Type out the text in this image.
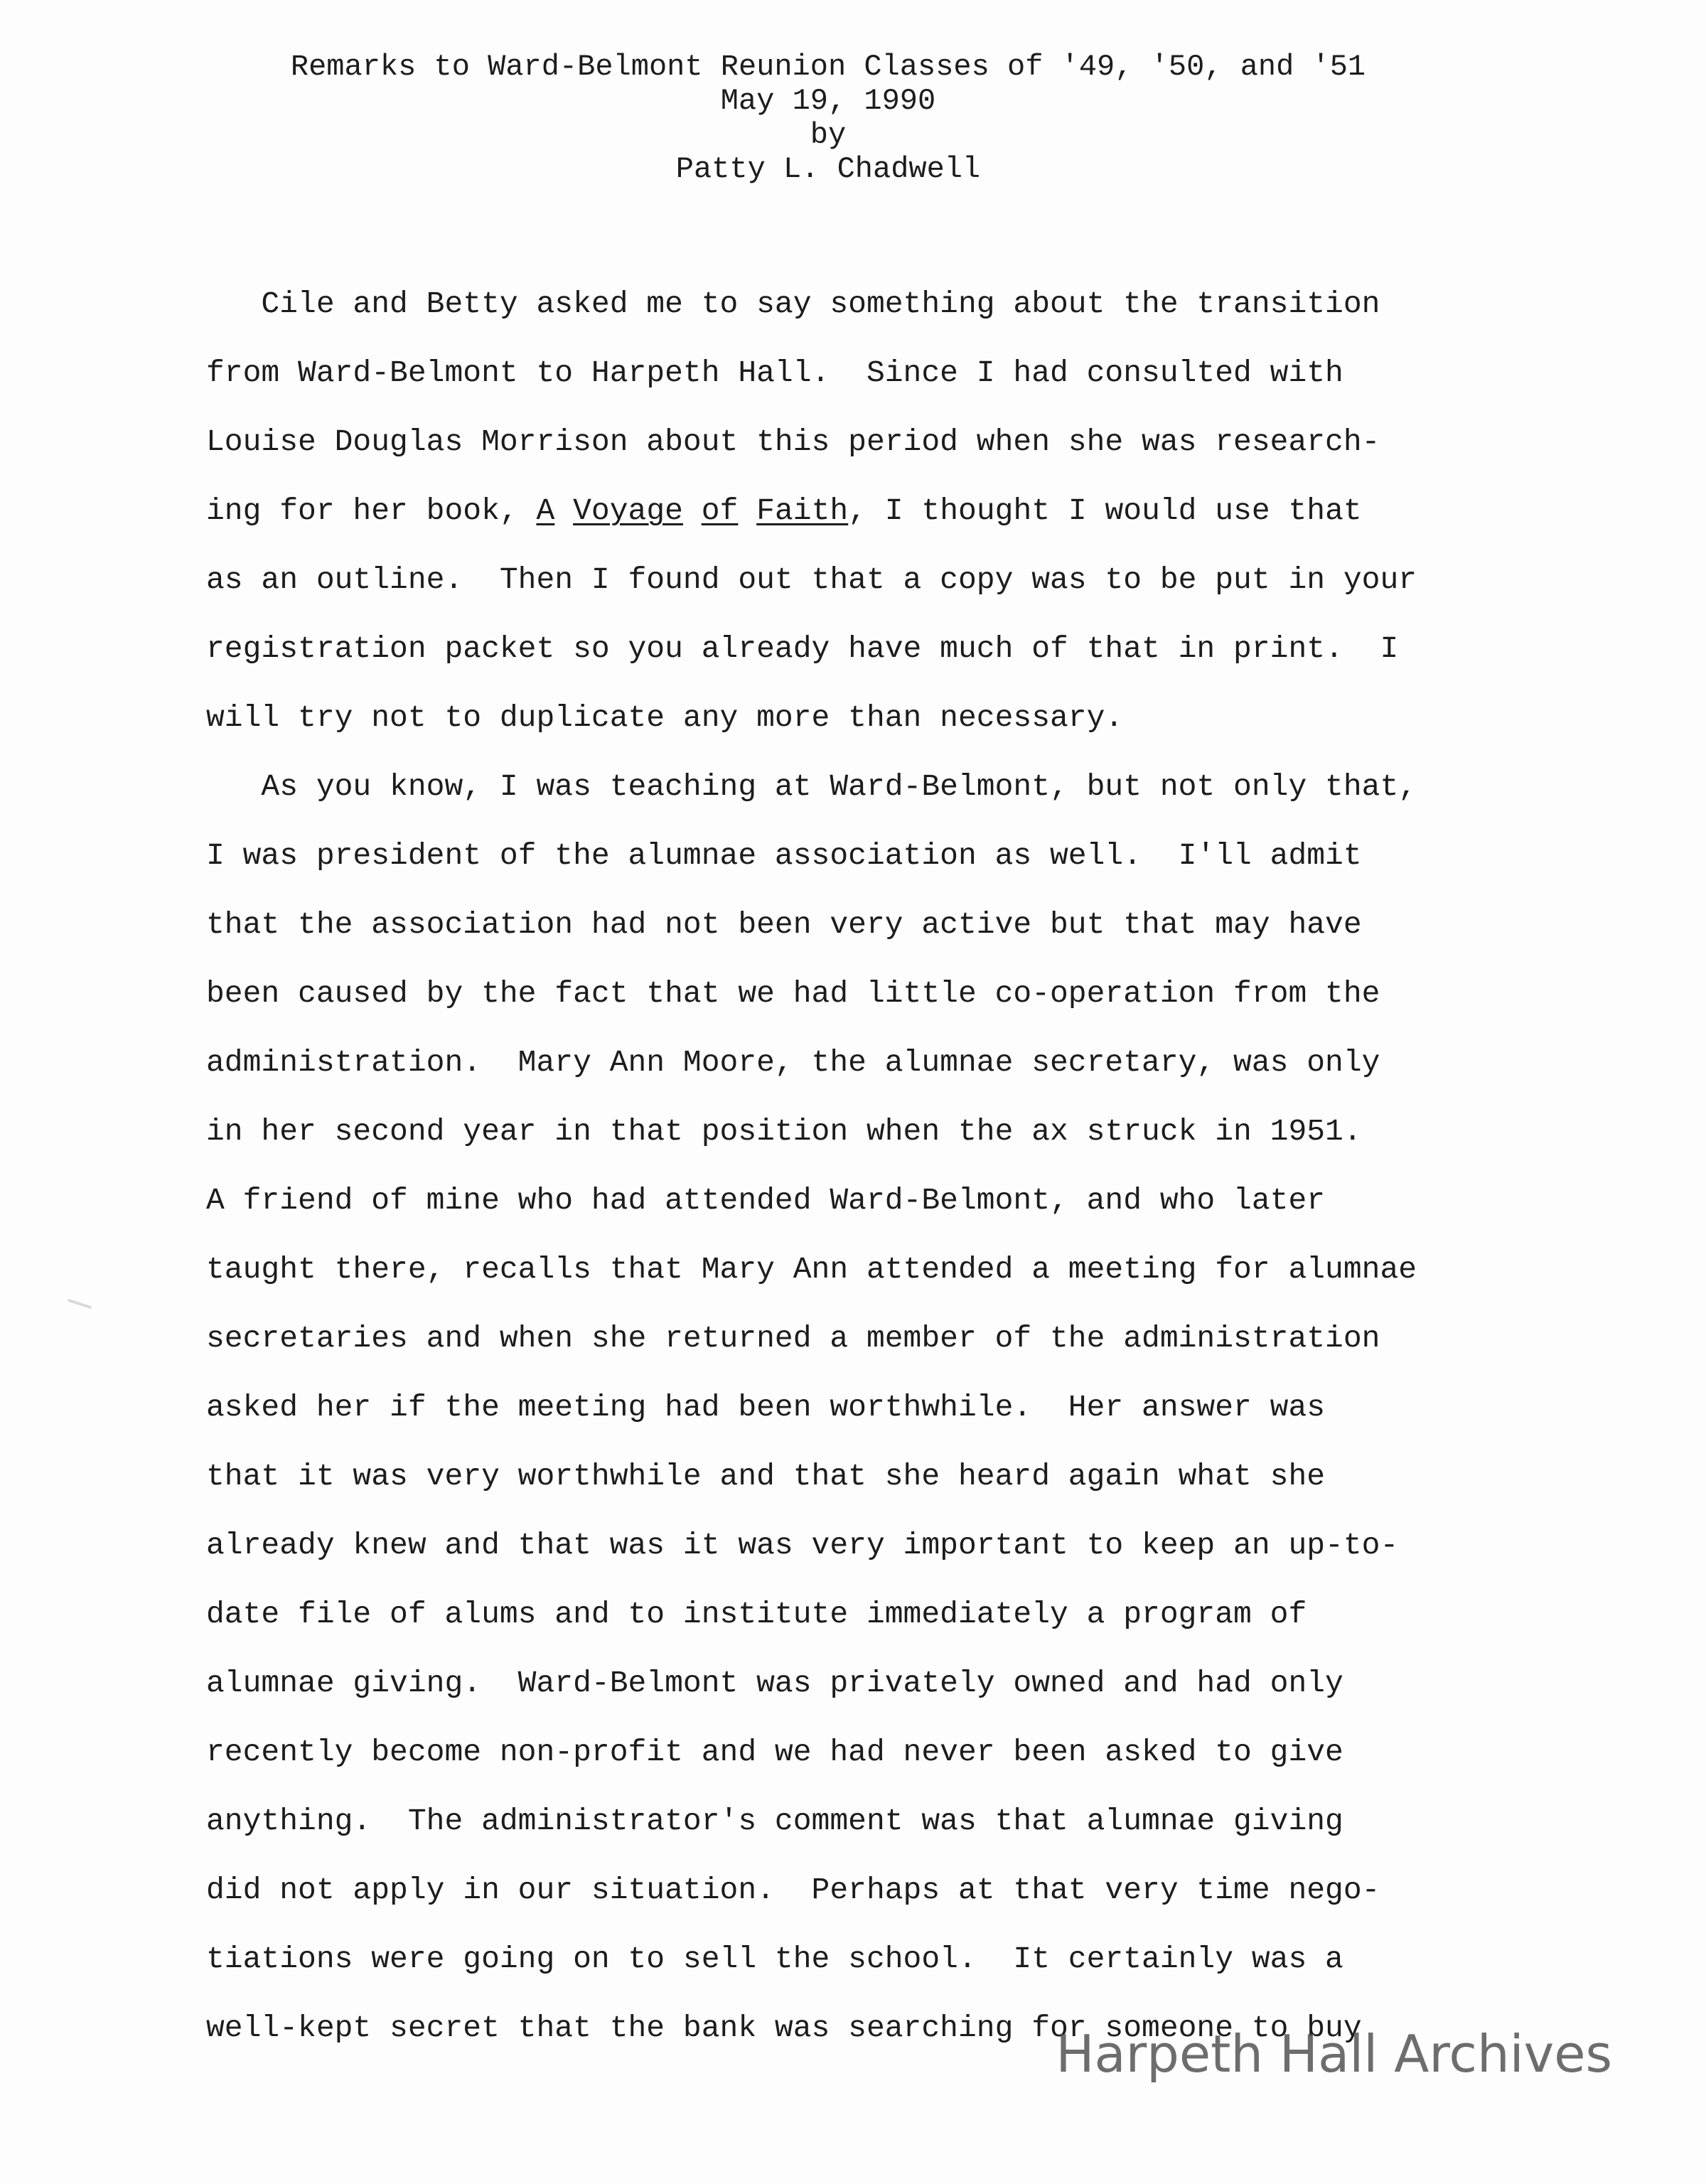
Remarks to Ward-Belmont Reunion Classes of '49, '50, and '51
May 19, 1990
by
Patty L. Chadwell
Cile and Betty asked me to say something about the transition
from Ward-Belmont to Harpeth Hall.  Since I had consulted with
Louise Douglas Morrison about this period when she was research-
ing for her book, A Voyage of Faith, I thought I would use that
as an outline.  Then I found out that a copy was to be put in your
registration packet so you already have much of that in print.  I
will try not to duplicate any more than necessary.
As you know, I was teaching at Ward-Belmont, but not only that,
I was president of the alumnae association as well.  I'll admit
that the association had not been very active but that may have
been caused by the fact that we had little co-operation from the
administration.  Mary Ann Moore, the alumnae secretary, was only
in her second year in that position when the ax struck in 1951.
A friend of mine who had attended Ward-Belmont, and who later
taught there, recalls that Mary Ann attended a meeting for alumnae
secretaries and when she returned a member of the administration
asked her if the meeting had been worthwhile.  Her answer was
that it was very worthwhile and that she heard again what she
already knew and that was it was very important to keep an up-to-
date file of alums and to institute immediately a program of
alumnae giving.  Ward-Belmont was privately owned and had only
recently become non-profit and we had never been asked to give
anything.  The administrator's comment was that alumnae giving
did not apply in our situation.  Perhaps at that very time nego-
tiations were going on to sell the school.  It certainly was a
well-kept secret that the bank was searching for someone to buy
Harpeth Hall Archives
